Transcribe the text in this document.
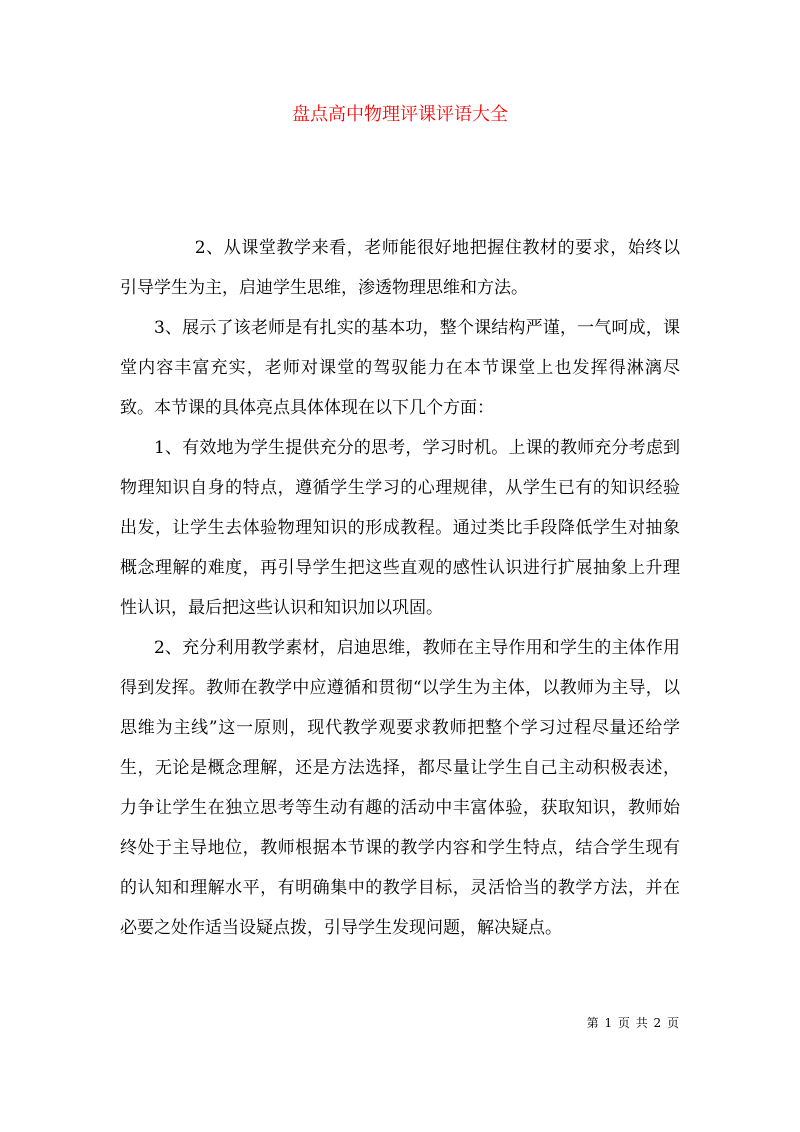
盘点高中物理评课评语大全

2、从课堂教学来看，老师能很好地把握住教材的要求，始终以引导学生为主，启迪学生思维，渗透物理思维和方法。

3、展示了该老师是有扎实的基本功，整个课结构严谨，一气呵成，课堂内容丰富充实，老师对课堂的驾驭能力在本节课堂上也发挥得淋漓尽致。本节课的具体亮点具体体现在以下几个方面：

1、有效地为学生提供充分的思考，学习时机。上课的教师充分考虑到物理知识自身的特点，遵循学生学习的心理规律，从学生已有的知识经验出发，让学生去体验物理知识的形成教程。通过类比手段降低学生对抽象概念理解的难度，再引导学生把这些直观的感性认识进行扩展抽象上升理性认识，最后把这些认识和知识加以巩固。

2、充分利用教学素材，启迪思维，教师在主导作用和学生的主体作用得到发挥。教师在教学中应遵循和贯彻“以学生为主体，以教师为主导，以思维为主线”这一原则，现代教学观要求教师把整个学习过程尽量还给学生，无论是概念理解，还是方法选择，都尽量让学生自己主动积极表述，力争让学生在独立思考等生动有趣的活动中丰富体验，获取知识，教师始终处于主导地位，教师根据本节课的教学内容和学生特点，结合学生现有的认知和理解水平，有明确集中的教学目标，灵活恰当的教学方法，并在必要之处作适当设疑点拨，引导学生发现问题，解决疑点。

第 1 页 共 2 页
